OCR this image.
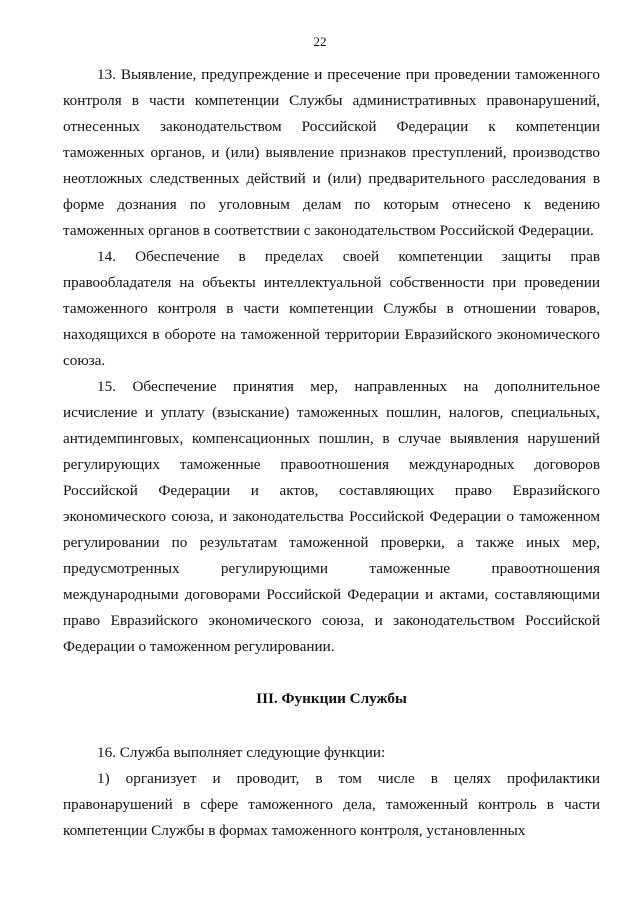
22

13. Выявление, предупреждение и пресечение при проведении таможенного контроля в части компетенции Службы административных правонарушений, отнесенных законодательством Российской Федерации к компетенции таможенных органов, и (или) выявление признаков преступлений, производство неотложных следственных действий и (или) предварительного расследования в форме дознания по уголовным делам по которым отнесено к ведению таможенных органов в соответствии с законодательством Российской Федерации.

14. Обеспечение в пределах своей компетенции защиты прав правообладателя на объекты интеллектуальной собственности при проведении таможенного контроля в части компетенции Службы в отношении товаров, находящихся в обороте на таможенной территории Евразийского экономического союза.

15. Обеспечение принятия мер, направленных на дополнительное исчисление и уплату (взыскание) таможенных пошлин, налогов, специальных, антидемпинговых, компенсационных пошлин, в случае выявления нарушений регулирующих таможенные правоотношения международных договоров Российской Федерации и актов, составляющих право Евразийского экономического союза, и законодательства Российской Федерации о таможенном регулировании по результатам таможенной проверки, а также иных мер, предусмотренных регулирующими таможенные правоотношения международными договорами Российской Федерации и актами, составляющими право Евразийского экономического союза, и законодательством Российской Федерации о таможенном регулировании.

III. Функции Службы

16. Служба выполняет следующие функции:

1) организует и проводит, в том числе в целях профилактики правонарушений в сфере таможенного дела, таможенный контроль в части компетенции Службы в формах таможенного контроля, установленных
